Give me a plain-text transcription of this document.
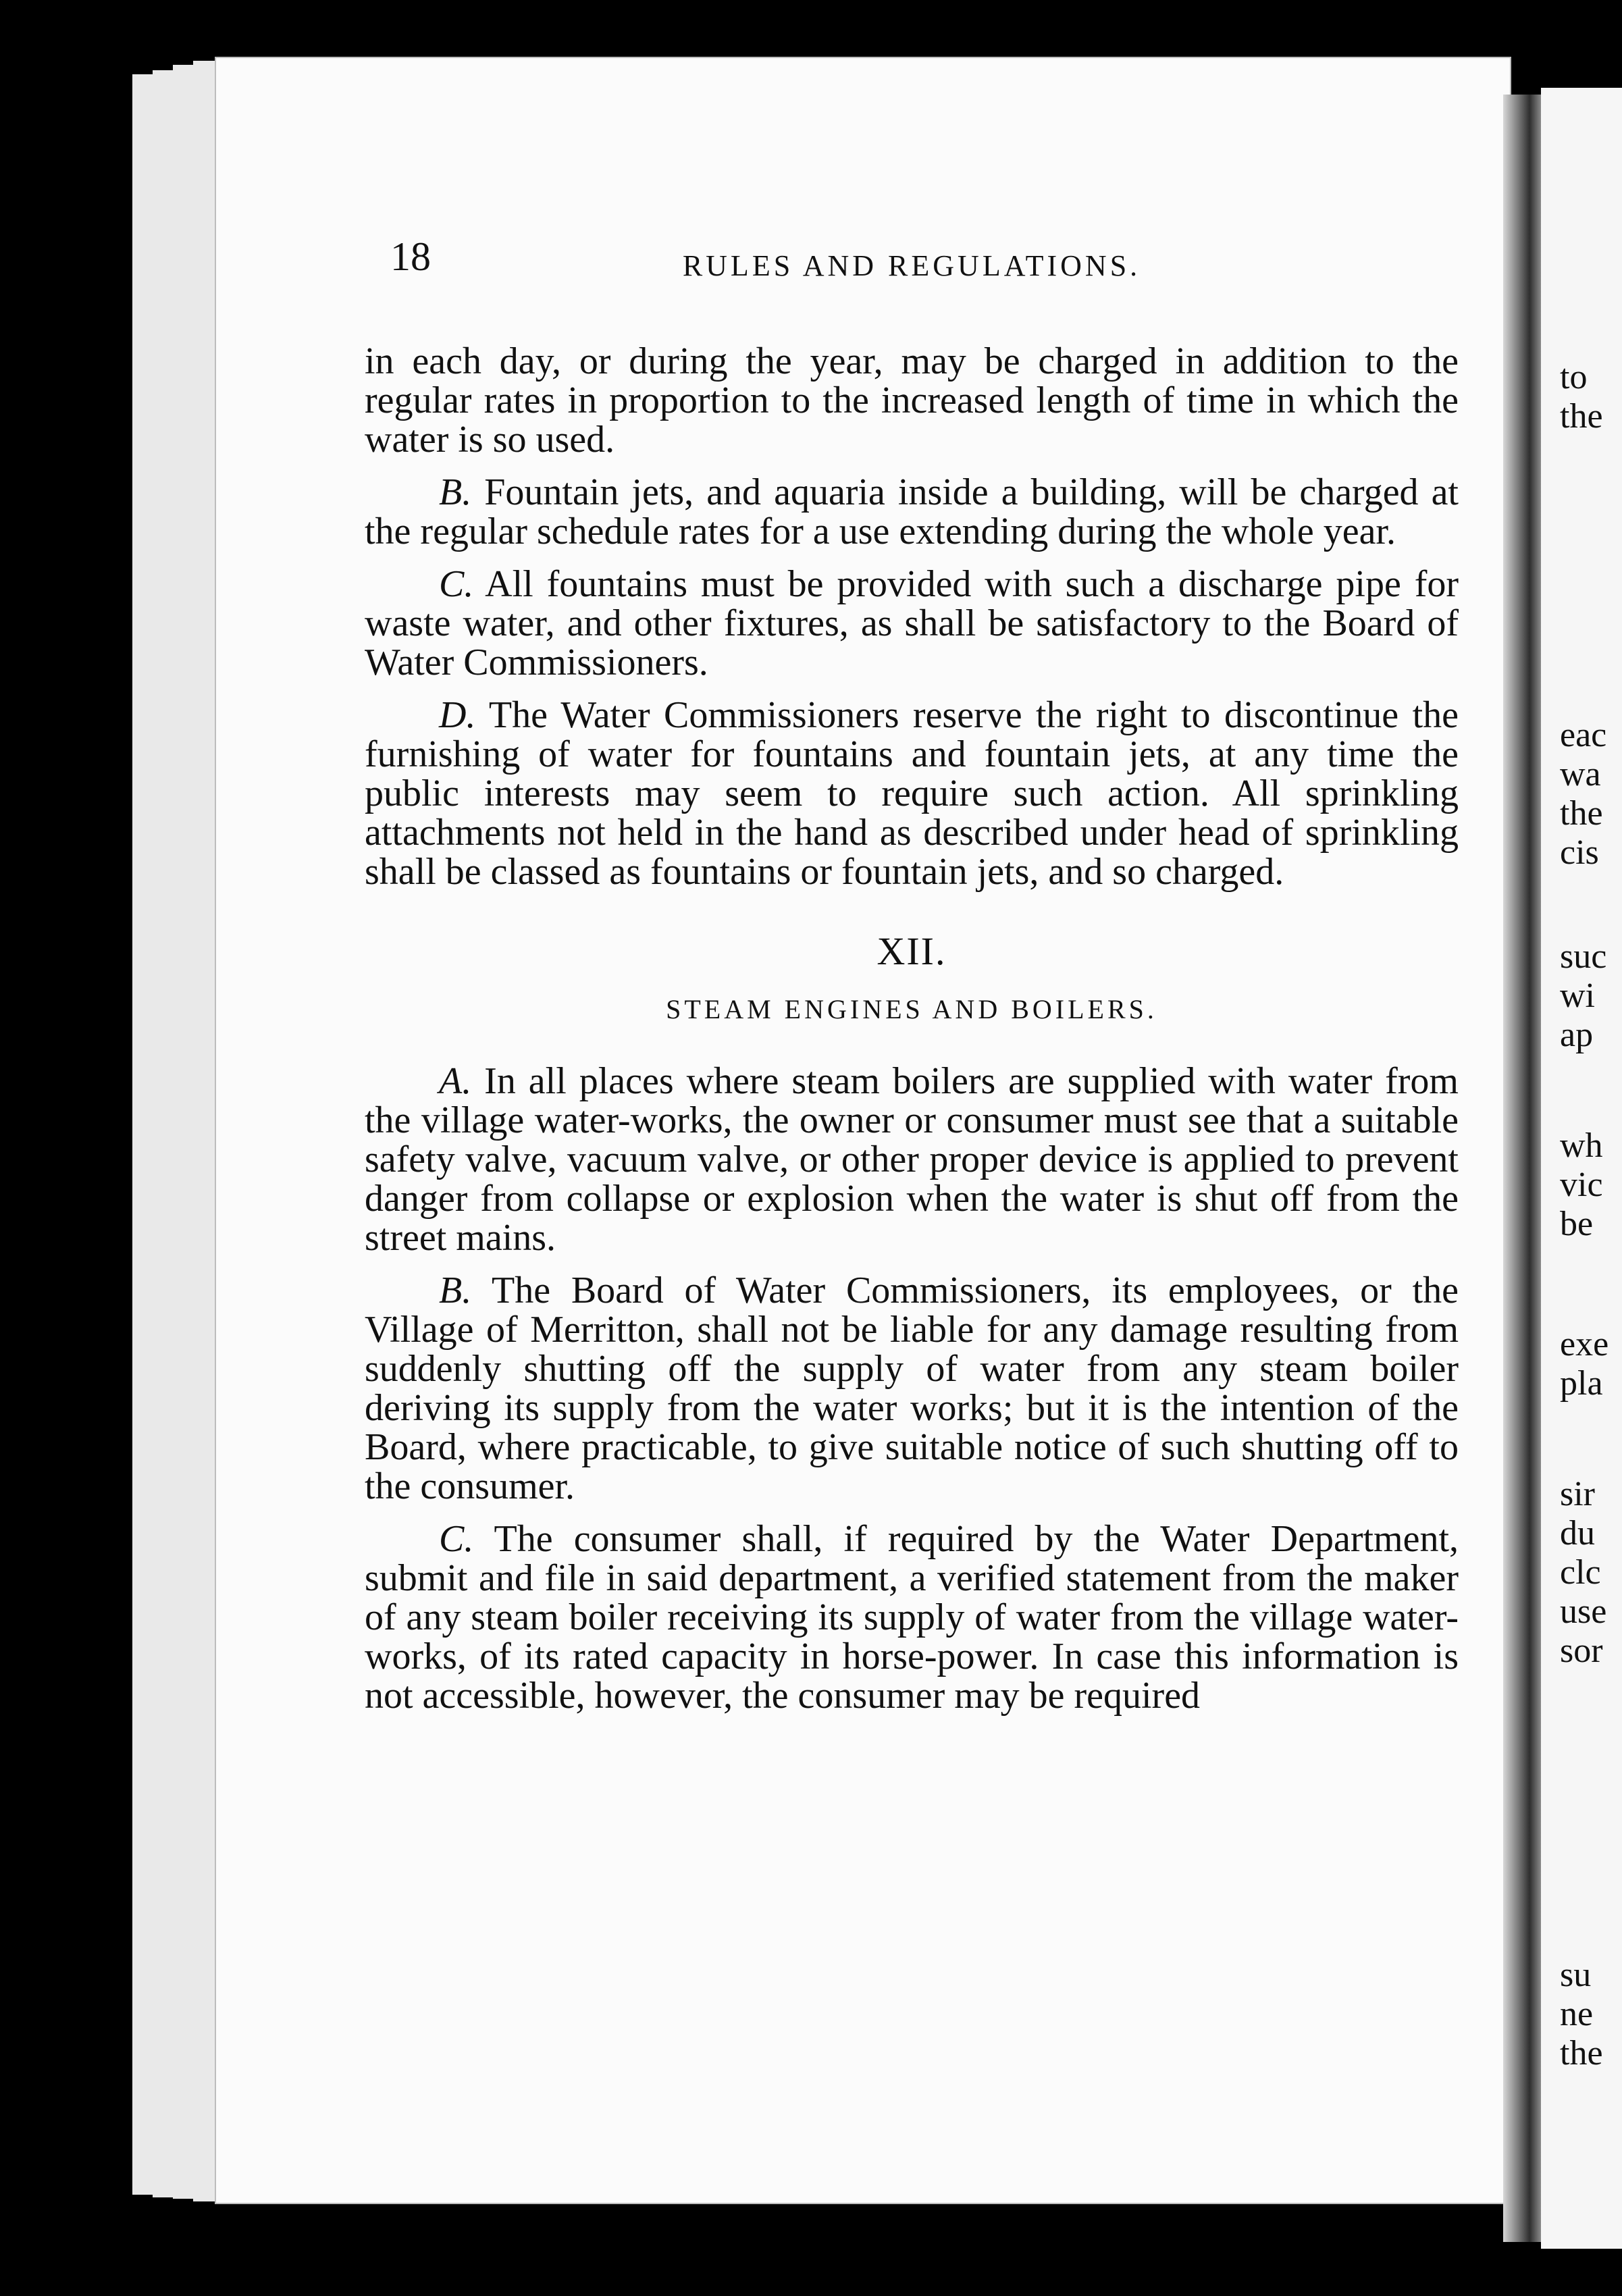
18	RULES AND REGULATIONS.

in each day, or during the year, may be charged in addition to the regular rates in proportion to the increased length of time in which the water is so used.

B. Fountain jets, and aquaria inside a building, will be charged at the regular schedule rates for a use extending during the whole year.

C. All fountains must be provided with such a discharge pipe for waste water, and other fixtures, as shall be satisfactory to the Board of Water Commissioners.

D. The Water Commissioners reserve the right to discontinue the furnishing of water for fountains and fountain jets, at any time the public interests may seem to require such action. All sprinkling attachments not held in the hand as described under head of sprinkling shall be classed as fountains or fountain jets, and so charged.

XII.

STEAM ENGINES AND BOILERS.

A. In all places where steam boilers are supplied with water from the village water-works, the owner or consumer must see that a suitable safety valve, vacuum valve, or other proper device is applied to prevent danger from collapse or explosion when the water is shut off from the street mains.

B. The Board of Water Commissioners, its employees, or the Village of Merritton, shall not be liable for any damage resulting from suddenly shutting off the supply of water from any steam boiler deriving its supply from the water works; but it is the intention of the Board, where practicable, to give suitable notice of such shutting off to the consumer.

C. The consumer shall, if required by the Water Department, submit and file in said department, a verified statement from the maker of any steam boiler receiving its supply of water from the village water-works, of its rated capacity in horse-power. In case this information is not accessible, however, the consumer may be required

to

the

eac

wa

the

cis

suc

wi

ap

wh

vic

be

exe

pla

sir

du

clc

use

sor

su

ne

the
